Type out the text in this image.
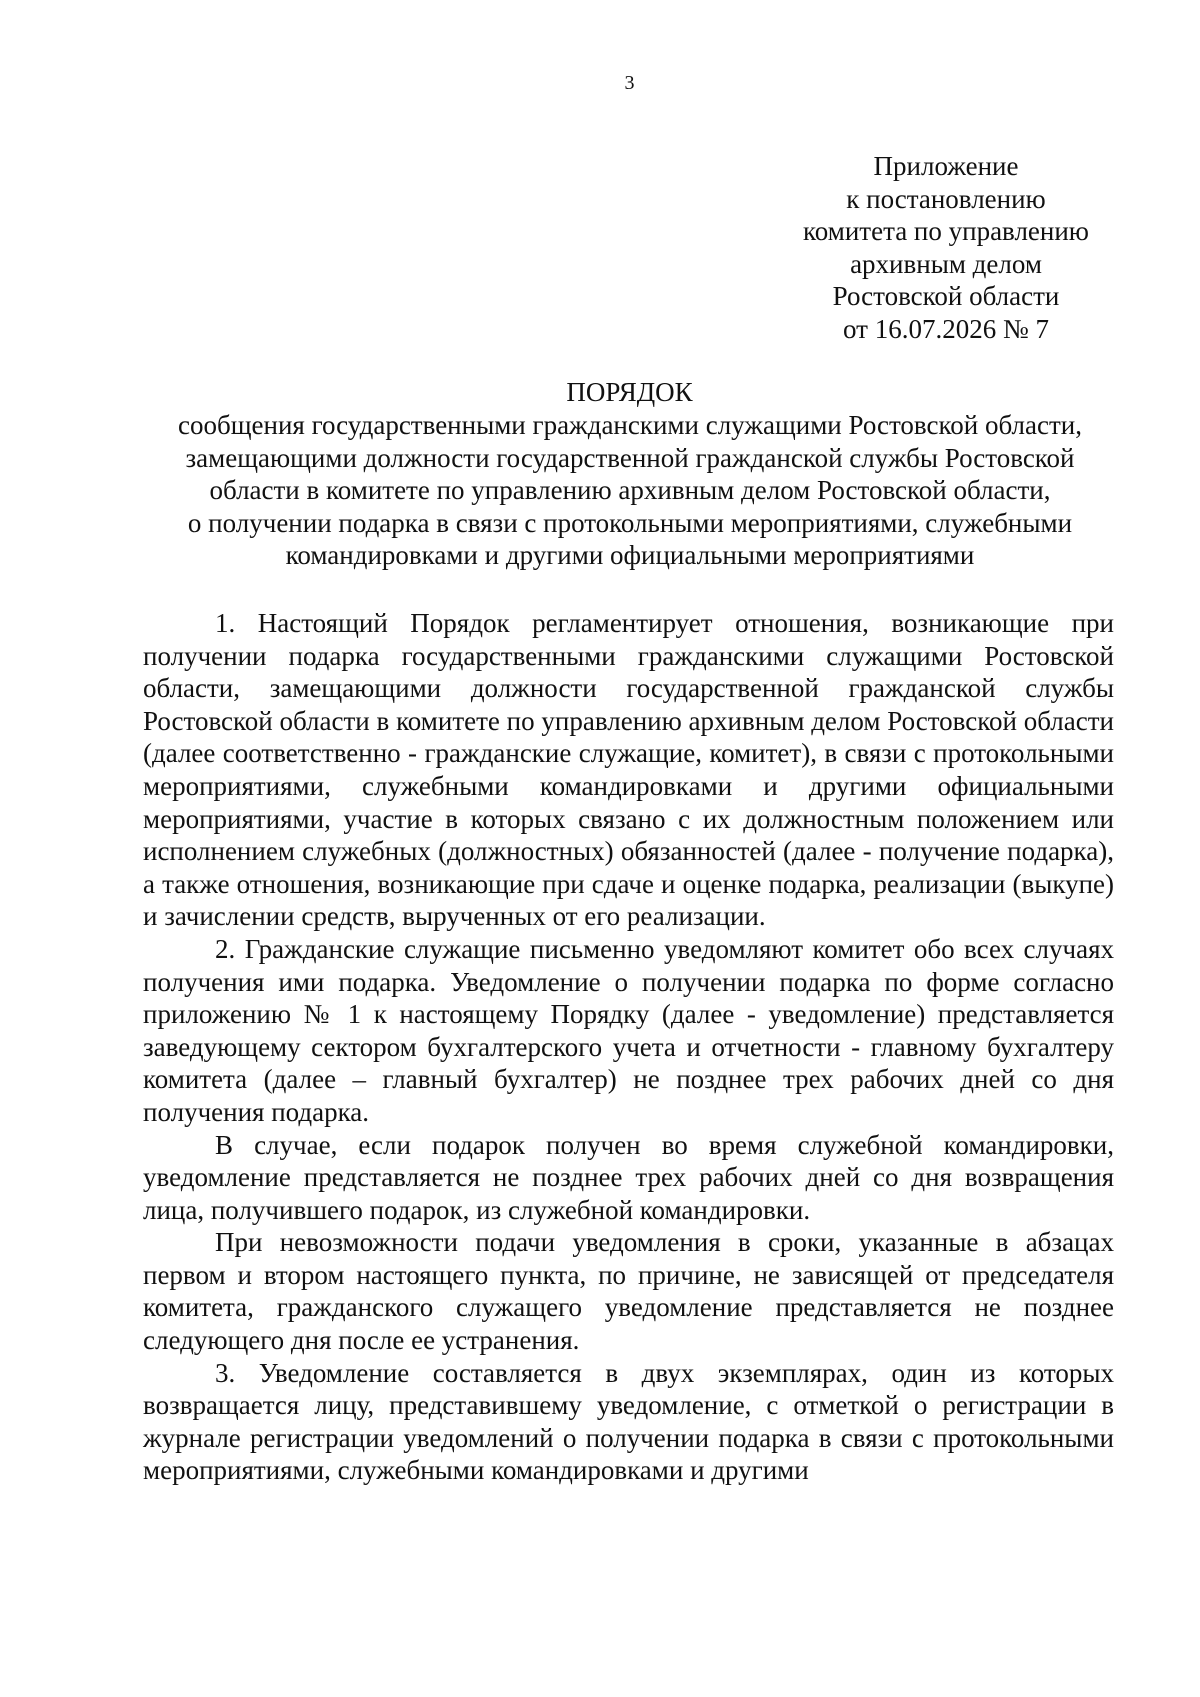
3
Приложение
к постановлению
комитета по управлению
архивным делом
Ростовской области
от 16.07.2026 № 7
ПОРЯДОК
сообщения государственными гражданскими служащими Ростовской области,
замещающими должности государственной гражданской службы Ростовской
области в комитете по управлению архивным делом Ростовской области,
о получении подарка в связи с протокольными мероприятиями, служебными
командировками и другими официальными мероприятиями

1. Настоящий Порядок регламентирует отношения, возникающие при получении подарка государственными гражданскими служащими Ростовской области, замещающими должности государственной гражданской службы Ростовской области в комитете по управлению архивным делом Ростовской области (далее соответственно - гражданские служащие, комитет), в связи с протокольными мероприятиями, служебными командировками и другими официальными мероприятиями, участие в которых связано с их должностным положением или исполнением служебных (должностных) обязанностей (далее - получение подарка), а также отношения, возникающие при сдаче и оценке подарка, реализации (выкупе) и зачислении средств, вырученных от его реализации.

2. Гражданские служащие письменно уведомляют комитет обо всех случаях получения ими подарка. Уведомление о получении подарка по форме согласно приложению № 1 к настоящему Порядку (далее - уведомление) представляется заведующему сектором бухгалтерского учета и отчетности - главному бухгалтеру комитета (далее – главный бухгалтер) не позднее трех рабочих дней со дня получения подарка.

В случае, если подарок получен во время служебной командировки, уведомление представляется не позднее трех рабочих дней со дня возвращения лица, получившего подарок, из служебной командировки.

При невозможности подачи уведомления в сроки, указанные в абзацах первом и втором настоящего пункта, по причине, не зависящей от председателя комитета, гражданского служащего уведомление представляется не позднее следующего дня после ее устранения.

3. Уведомление составляется в двух экземплярах, один из которых возвращается лицу, представившему уведомление, с отметкой о регистрации в журнале регистрации уведомлений о получении подарка в связи с протокольными мероприятиями, служебными командировками и другими
